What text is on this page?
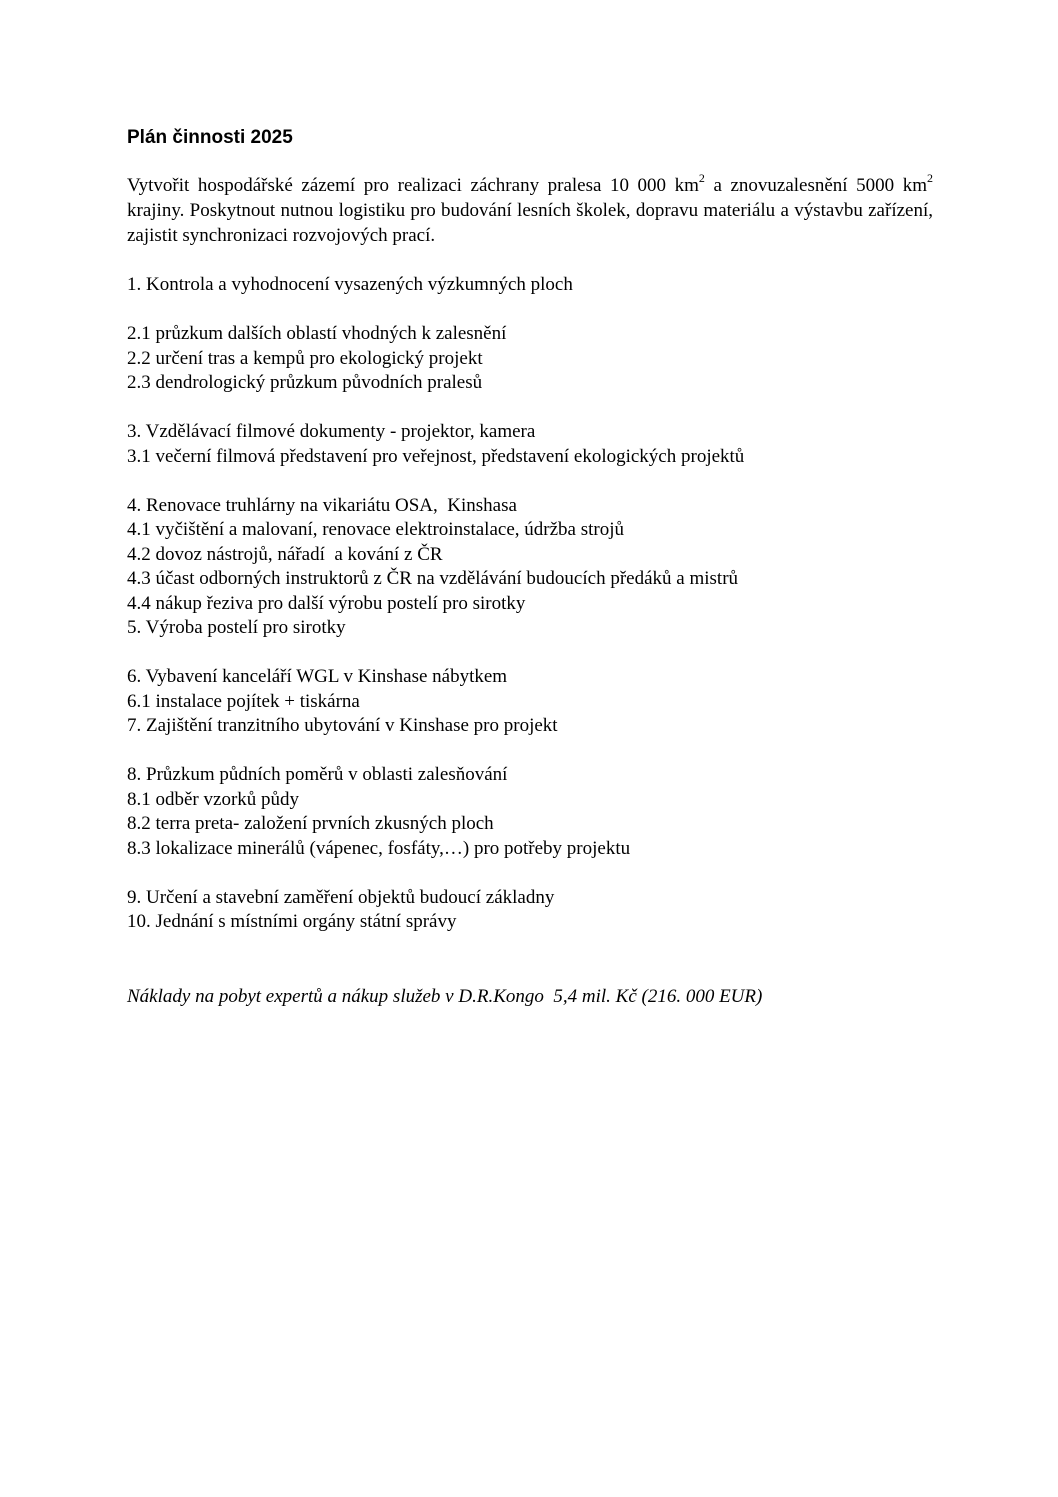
Plán činnosti 2025

Vytvořit hospodářské zázemí pro realizaci záchrany pralesa 10 000 $km^2$ a znovuzalesnění 5000 $km^2$ krajiny. Poskytnout nutnou logistiku pro budování lesních školek, dopravu materiálu a výstavbu zařízení, zajistit synchronizaci rozvojových prací.

1. Kontrola a vyhodnocení vysazených výzkumných ploch
2.1 průzkum dalších oblastí vhodných k zalesnění
2.2 určení tras a kempů pro ekologický projekt
2.3 dendrologický průzkum původních pralesů
3. Vzdělávací filmové dokumenty - projektor, kamera
3.1 večerní filmová představení pro veřejnost, představení ekologických projektů
4. Renovace truhlárny na vikariátu OSA,  Kinshasa
4.1 vyčištění a malovaní, renovace elektroinstalace, údržba strojů
4.2 dovoz nástrojů, nářadí  a kování z ČR
4.3 účast odborných instruktorů z ČR na vzdělávání budoucích předáků a mistrů
4.4 nákup řeziva pro další výrobu postelí pro sirotky
5. Výroba postelí pro sirotky
6. Vybavení kanceláří WGL v Kinshase nábytkem
6.1 instalace pojítek + tiskárna
7. Zajištění tranzitního ubytování v Kinshase pro projekt
8. Průzkum půdních poměrů v oblasti zalesňování
8.1 odběr vzorků půdy
8.2 terra preta- založení prvních zkusných ploch
8.3 lokalizace minerálů (vápenec, fosfáty,…) pro potřeby projektu
9. Určení a stavební zaměření objektů budoucí základny
10. Jednání s místními orgány státní správy

Náklady na pobyt expertů a nákup služeb v D.R.Kongo  5,4 mil. Kč (216. 000 EUR)
